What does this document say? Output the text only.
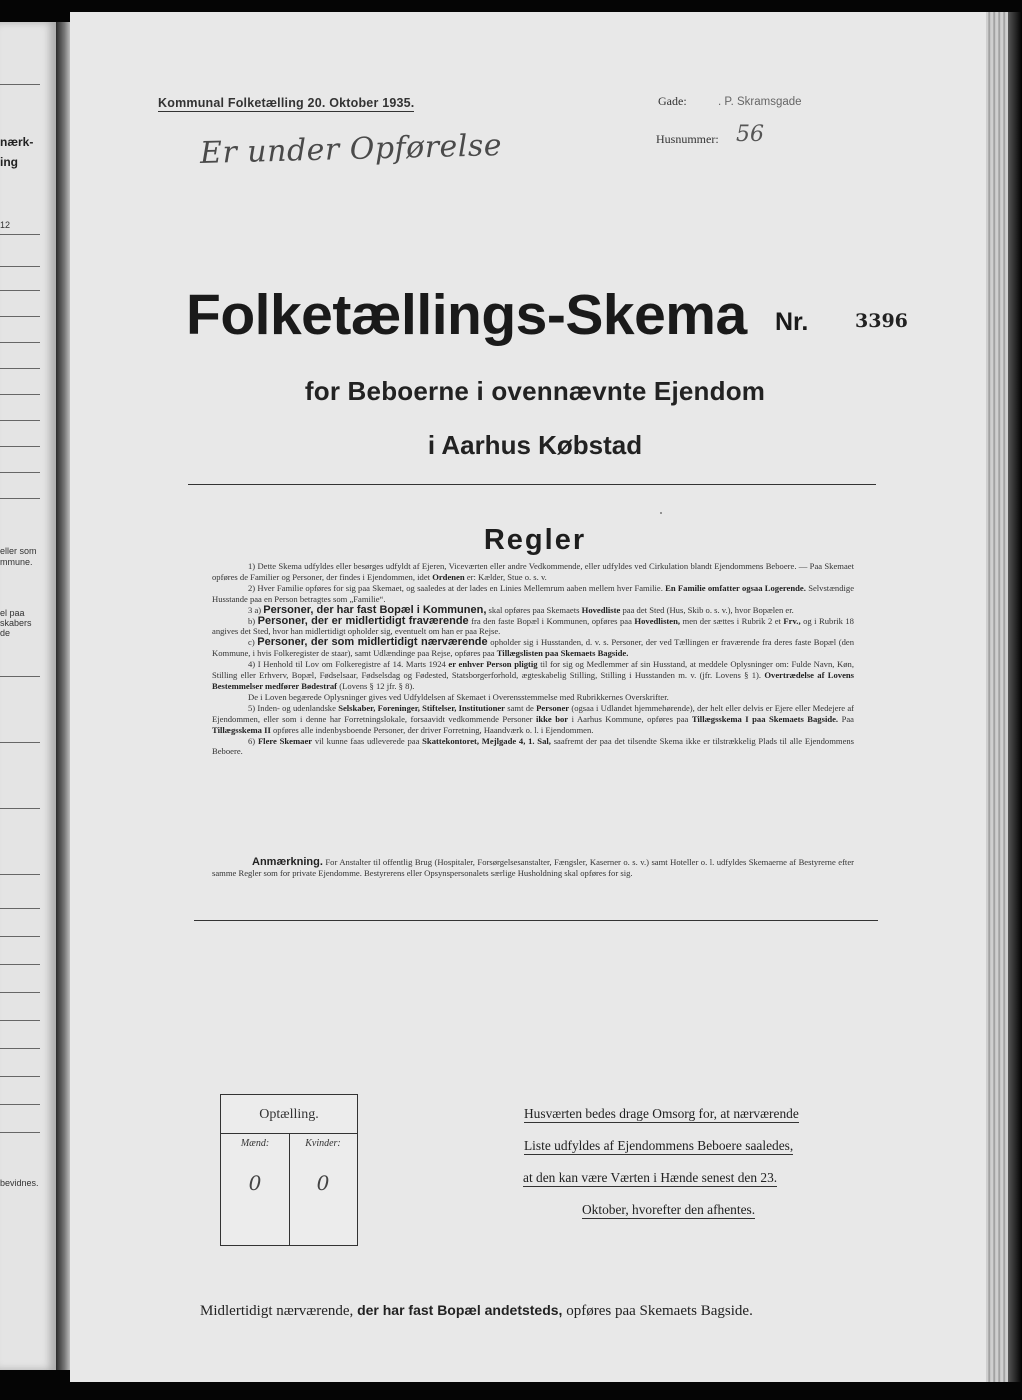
nærk-
ing
12
eller som
mmune.
el paa
skabers
de
bevidnes.
Kommunal Folketælling 20. Oktober 1935.	Gade:	. P. Skramsgade
Husnummer: 56
Er under Opførelse
Folketællings-Skema Nr. 3396
for Beboerne i ovennævnte Ejendom
i Aarhus Købstad
Regler

1) Dette Skema udfyldes eller besørges udfyldt af Ejeren, Viceværten eller andre Vedkommende, eller udfyldes ved Cirkulation blandt Ejendommens Beboere. — Paa Skemaet opføres de Familier og Personer, der findes i Ejendommen, idet Ordenen er: Kælder, Stue o. s. v.

2) Hver Familie opføres for sig paa Skemaet, og saaledes at der lades en Linies Mellemrum aaben mellem hver Familie. En Familie omfatter ogsaa Logerende. Selvstændige Husstande paa en Person betragtes som „Familie“.

3 a) Personer, der har fast Bopæl i Kommunen, skal opføres paa Skemaets Hovedliste paa det Sted (Hus, Skib o. s. v.), hvor Bopælen er.

b) Personer, der er midlertidigt fraværende fra den faste Bopæl i Kommunen, opføres paa Hovedlisten, men der sættes i Rubrik 2 et Frv., og i Rubrik 18 angives det Sted, hvor han midlertidigt opholder sig, eventuelt om han er paa Rejse.

c) Personer, der som midlertidigt nærværende opholder sig i Husstanden, d. v. s. Personer, der ved Tællingen er fraværende fra deres faste Bopæl (den Kommune, i hvis Folkeregister de staar), samt Udlændinge paa Rejse, opføres paa Tillægslisten paa Skemaets Bagside.

4) I Henhold til Lov om Folkeregistre af 14. Marts 1924 er enhver Person pligtig til for sig og Medlemmer af sin Husstand, at meddele Oplysninger om: Fulde Navn, Køn, Stilling eller Erhverv, Bopæl, Fødselsaar, Fødselsdag og Fødested, Statsborgerforhold, ægteskabelig Stilling, Stilling i Husstanden m. v. (jfr. Lovens § 1). Overtrædelse af Lovens Bestemmelser medfører Bødestraf (Lovens § 12 jfr. § 8).

De i Loven begærede Oplysninger gives ved Udfyldelsen af Skemaet i Overensstemmelse med Rubrikkernes Overskrifter.

5) Inden- og udenlandske Selskaber, Foreninger, Stiftelser, Institutioner samt de Personer (ogsaa i Udlandet hjemmehørende), der helt eller delvis er Ejere eller Medejere af Ejendommen, eller som i denne har Forretningslokale, forsaavidt vedkommende Personer ikke bor i Aarhus Kommune, opføres paa Tillægsskema I paa Skemaets Bagside. Paa Tillægsskema II opføres alle indenbysboende Personer, der driver Forretning, Haandværk o. l. i Ejendommen.

6) Flere Skemaer vil kunne faas udleverede paa Skattekontoret, Mejlgade 4, 1. Sal, saafremt der paa det tilsendte Skema ikke er tilstrækkelig Plads til alle Ejendommens Beboere.

Anmærkning. For Anstalter til offentlig Brug (Hospitaler, Forsørgelsesanstalter, Fængsler, Kaserner o. s. v.) samt Hoteller o. l. udfyldes Skemaerne af Bestyrerne efter samme Regler som for private Ejendomme. Bestyrerens eller Opsynspersonalets særlige Husholdning skal opføres for sig.
Optælling.
Mænd:
0
Kvinder:
0
Husværten bedes drage Omsorg for, at nærværende
Liste udfyldes af Ejendommens Beboere saaledes,
at den kan være Værten i Hænde senest den 23.
Oktober, hvorefter den afhentes.
Midlertidigt nærværende, der har fast Bopæl andetsteds, opføres paa Skemaets Bagside.
